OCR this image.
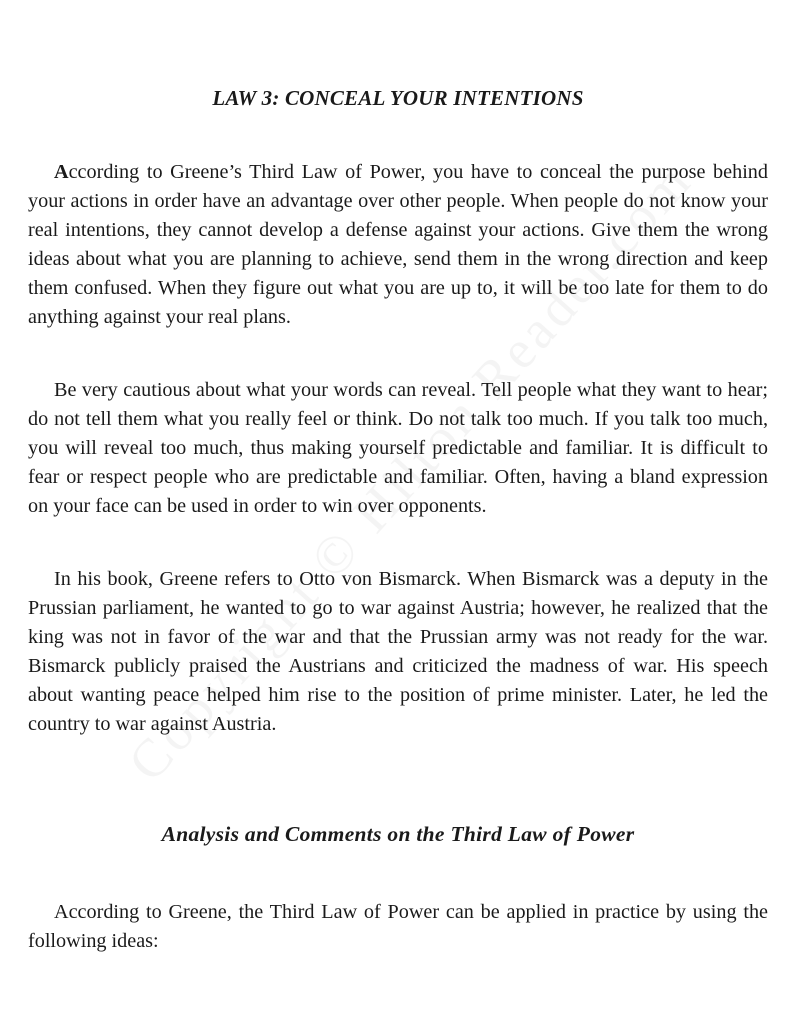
LAW 3: CONCEAL YOUR INTENTIONS

According to Greene’s Third Law of Power, you have to conceal the purpose behind your actions in order have an advantage over other people. When people do not know your real intentions, they cannot develop a defense against your actions. Give them the wrong ideas about what you are planning to achieve, send them in the wrong direction and keep them confused. When they figure out what you are up to, it will be too late for them to do anything against your real plans.

Be very cautious about what your words can reveal. Tell people what they want to hear; do not tell them what you really feel or think. Do not talk too much. If you talk too much, you will reveal too much, thus making yourself predictable and familiar. It is difficult to fear or respect people who are predictable and familiar. Often, having a bland expression on your face can be used in order to win over opponents.

In his book, Greene refers to Otto von Bismarck. When Bismarck was a deputy in the Prussian parliament, he wanted to go to war against Austria; however, he realized that the king was not in favor of the war and that the Prussian army was not ready for the war. Bismarck publicly praised the Austrians and criticized the madness of war. His speech about wanting peace helped him rise to the position of prime minister. Later, he led the country to war against Austria.

Analysis and Comments on the Third Law of Power

According to Greene, the Third Law of Power can be applied in practice by using the following ideas:
